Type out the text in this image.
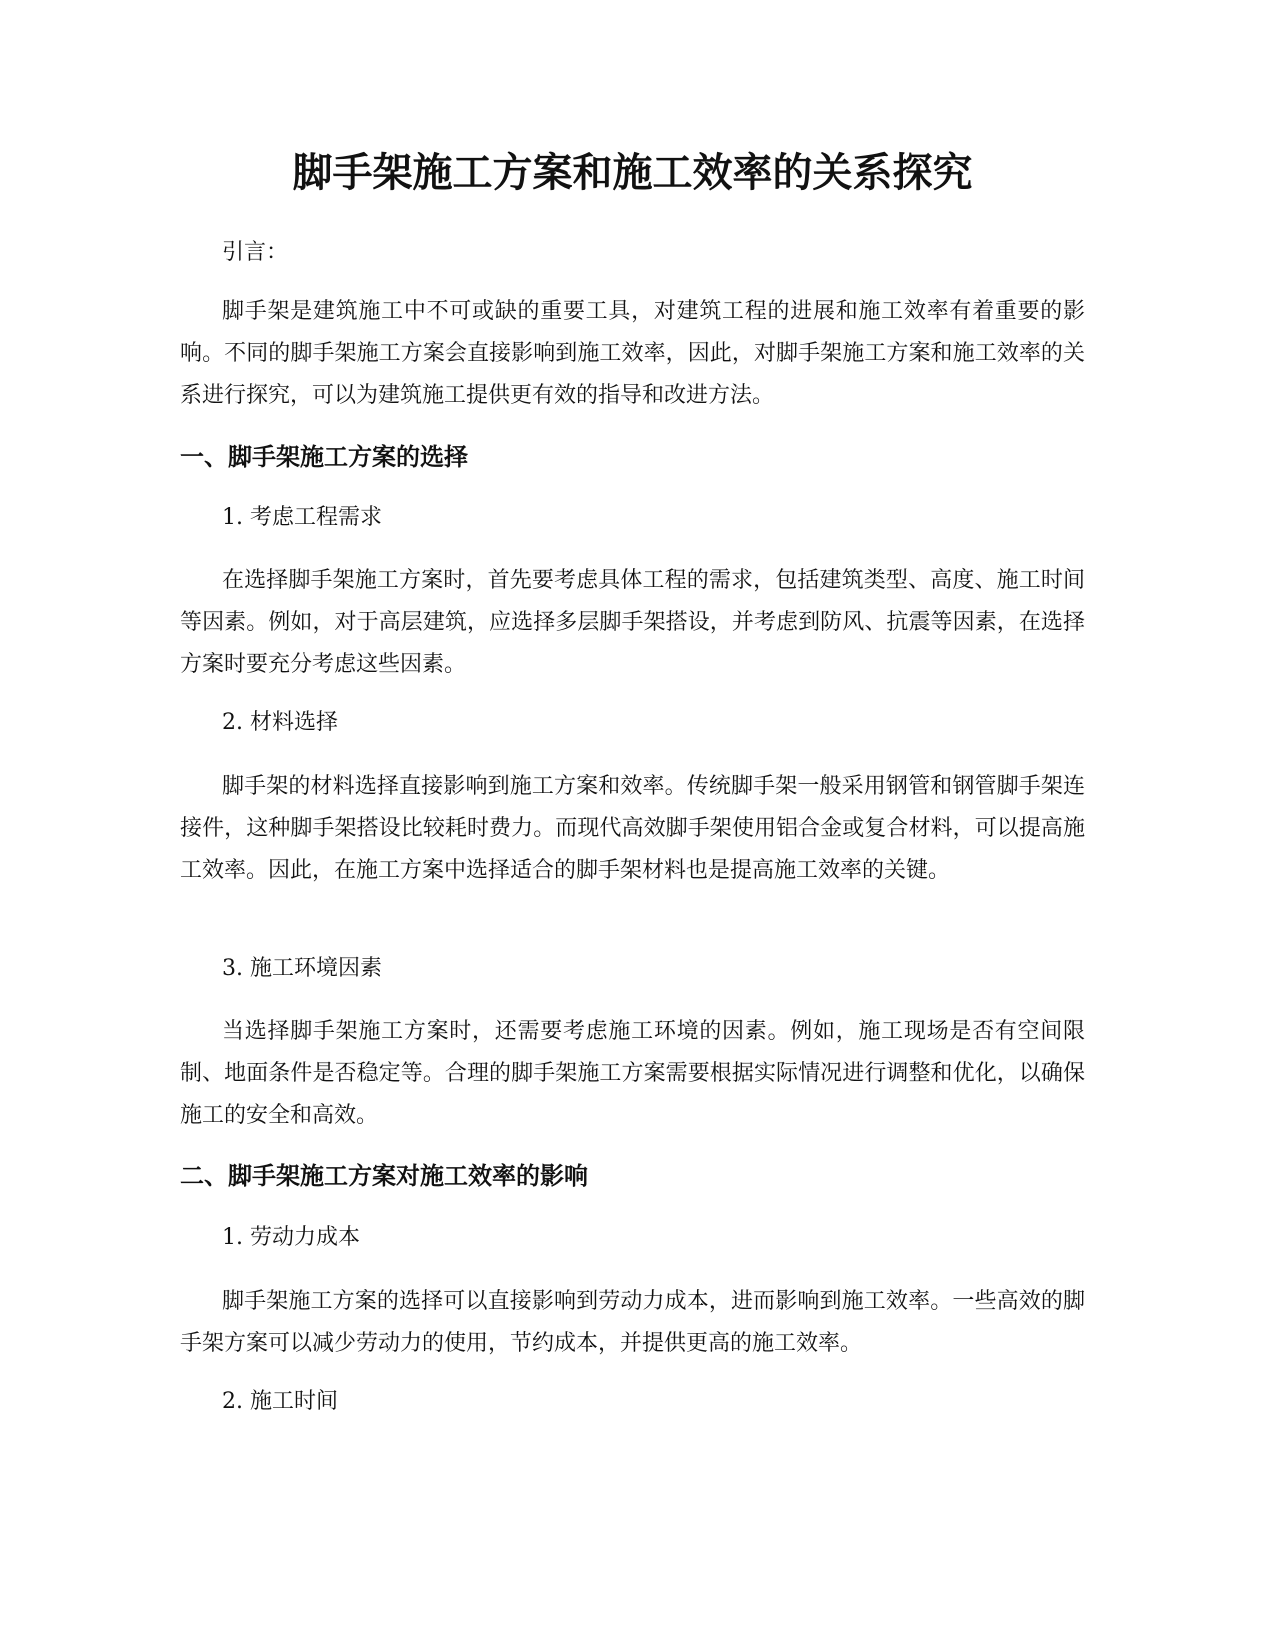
脚手架施工方案和施工效率的关系探究

引言：

脚手架是建筑施工中不可或缺的重要工具，对建筑工程的进展和施工效率有着重要的影响。不同的脚手架施工方案会直接影响到施工效率，因此，对脚手架施工方案和施工效率的关系进行探究，可以为建筑施工提供更有效的指导和改进方法。

一、脚手架施工方案的选择

1. 考虑工程需求

在选择脚手架施工方案时，首先要考虑具体工程的需求，包括建筑类型、高度、施工时间等因素。例如，对于高层建筑，应选择多层脚手架搭设，并考虑到防风、抗震等因素，在选择方案时要充分考虑这些因素。

2. 材料选择

脚手架的材料选择直接影响到施工方案和效率。传统脚手架一般采用钢管和钢管脚手架连接件，这种脚手架搭设比较耗时费力。而现代高效脚手架使用铝合金或复合材料，可以提高施工效率。因此，在施工方案中选择适合的脚手架材料也是提高施工效率的关键。

3. 施工环境因素

当选择脚手架施工方案时，还需要考虑施工环境的因素。例如，施工现场是否有空间限制、地面条件是否稳定等。合理的脚手架施工方案需要根据实际情况进行调整和优化，以确保施工的安全和高效。

二、脚手架施工方案对施工效率的影响

1. 劳动力成本

脚手架施工方案的选择可以直接影响到劳动力成本，进而影响到施工效率。一些高效的脚手架方案可以减少劳动力的使用，节约成本，并提供更高的施工效率。

2. 施工时间
